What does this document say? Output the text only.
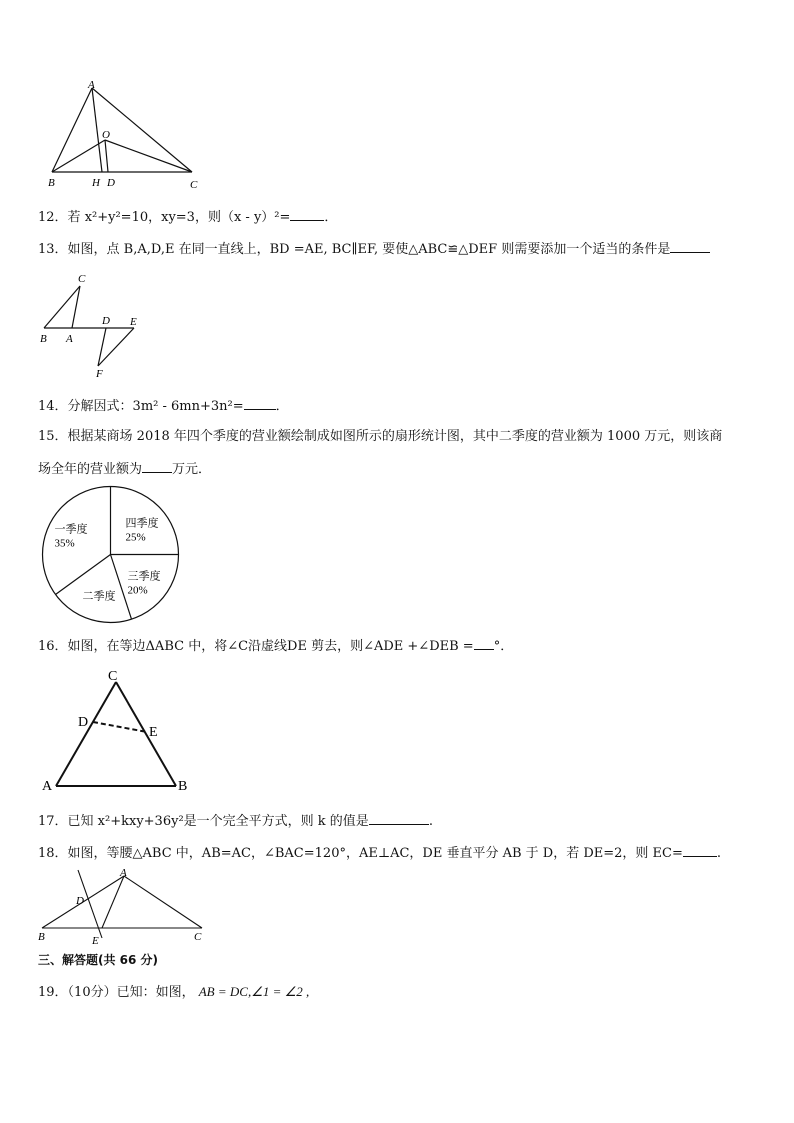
A
O
B	H D	C
12．若 x²+y²=10，xy=3，则（x - y）²=	．
13．如图，点 B,A,D,E 在同一直线上，BD =AE, BC∥EF, 要使△ABC≌△DEF 则需要添加一个适当的条件是
C
B A
D E
F
14．分解因式：3m² - 6mn+3n²= ．
15．根据某商场 2018 年四个季度的营业额绘制成如图所示的扇形统计图，其中二季度的营业额为 1000 万元，则该商
场全年的营业额为 万元．
四季度
25%
三季度
20%
二季度
一季度
35%
16．如图，在等边ΔABC 中，将∠C沿虚线DE 剪去，则∠ADE +∠DEB = °．
C
D
E
A	B
17．已知 x²+kxy+36y²是一个完全平方式，则 k 的值是	.
18．如图，等腰△ABC 中，AB=AC，∠BAC=120°，AE⊥AC，DE 垂直平分 AB 于 D，若 DE=2，则 EC=	.
A
D
B	E	C
三、解答题(共 66 分)
19．（10分）已知：如图， AB = DC,∠1 = ∠2 ,
